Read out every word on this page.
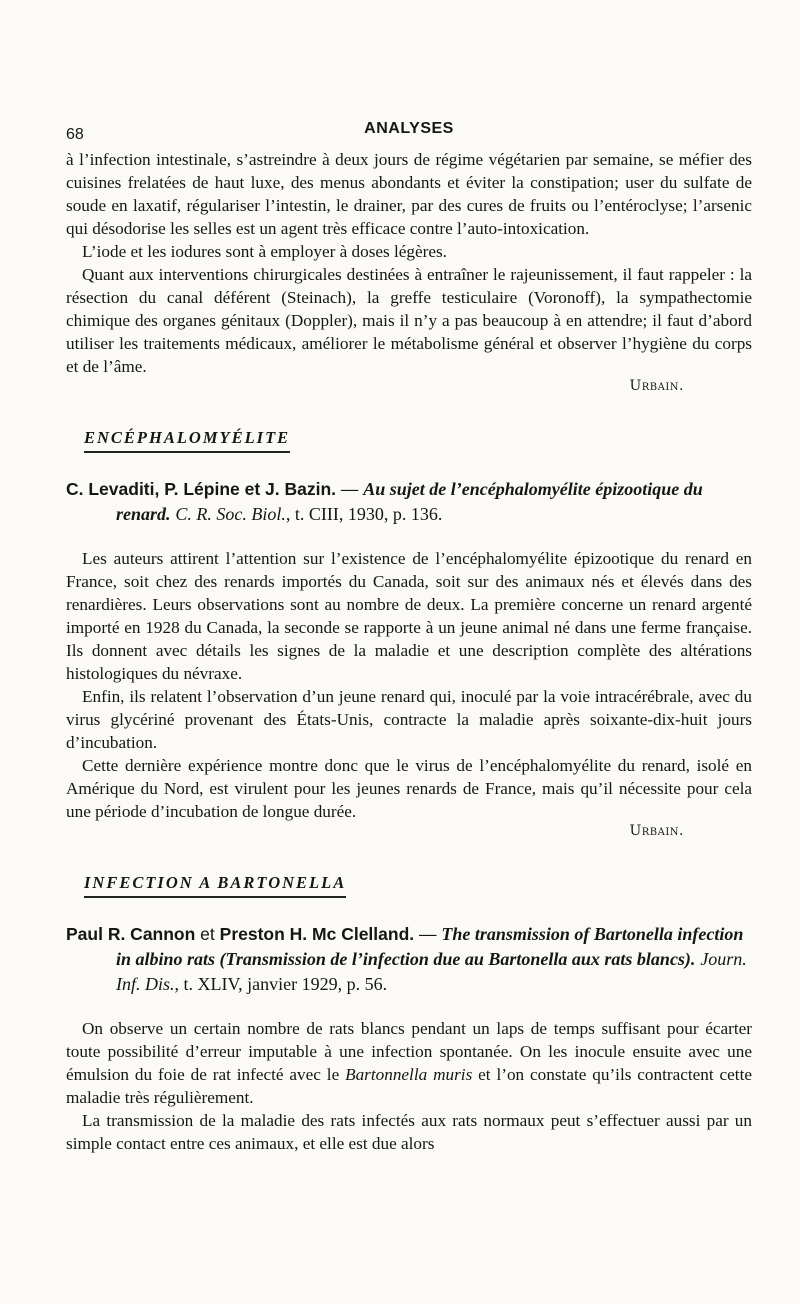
68	ANALYSES

à l’infection intestinale, s’astreindre à deux jours de régime végétarien par semaine, se méfier des cuisines frelatées de haut luxe, des menus abondants et éviter la constipation; user du sulfate de soude en laxatif, régulariser l’intestin, le drainer, par des cures de fruits ou l’entéroclyse; l’arsenic qui désodorise les selles est un agent très efficace contre l’auto-intoxication.

L’iode et les iodures sont à employer à doses légères.

Quant aux interventions chirurgicales destinées à entraîner le rajeunissement, il faut rappeler : la résection du canal déférent (Steinach), la greffe testiculaire (Voronoff), la sympathectomie chimique des organes génitaux (Doppler), mais il n’y a pas beaucoup à en attendre; il faut d’abord utiliser les traitements médicaux, améliorer le métabolisme général et observer l’hygiène du corps et de l’âme.

Urbain.
ENCÉPHALOMYÉLITE
C. Levaditi, P. Lépine et J. Bazin. — Au sujet de l’encéphalomyélite épizootique du renard. C. R. Soc. Biol., t. CIII, 1930, p. 136.

Les auteurs attirent l’attention sur l’existence de l’encéphalomyélite épizootique du renard en France, soit chez des renards importés du Canada, soit sur des animaux nés et élevés dans des renardières. Leurs observations sont au nombre de deux. La première concerne un renard argenté importé en 1928 du Canada, la seconde se rapporte à un jeune animal né dans une ferme française. Ils donnent avec détails les signes de la maladie et une description complète des altérations histologiques du névraxe.

Enfin, ils relatent l’observation d’un jeune renard qui, inoculé par la voie intracérébrale, avec du virus glycériné provenant des États-Unis, contracte la maladie après soixante-dix-huit jours d’incubation.

Cette dernière expérience montre donc que le virus de l’encéphalomyélite du renard, isolé en Amérique du Nord, est virulent pour les jeunes renards de France, mais qu’il nécessite pour cela une période d’incubation de longue durée.

Urbain.
INFECTION A BARTONELLA
Paul R. Cannon et Preston H. Mc Clelland. — The transmission of Bartonella infection in albino rats (Transmission de l’infection due au Bartonella aux rats blancs). Journ. Inf. Dis., t. XLIV, janvier 1929, p. 56.

On observe un certain nombre de rats blancs pendant un laps de temps suffisant pour écarter toute possibilité d’erreur imputable à une infection spontanée. On les inocule ensuite avec une émulsion du foie de rat infecté avec le Bartonnella muris et l’on constate qu’ils contractent cette maladie très régulièrement.

La transmission de la maladie des rats infectés aux rats normaux peut s’effectuer aussi par un simple contact entre ces animaux, et elle est due alors
